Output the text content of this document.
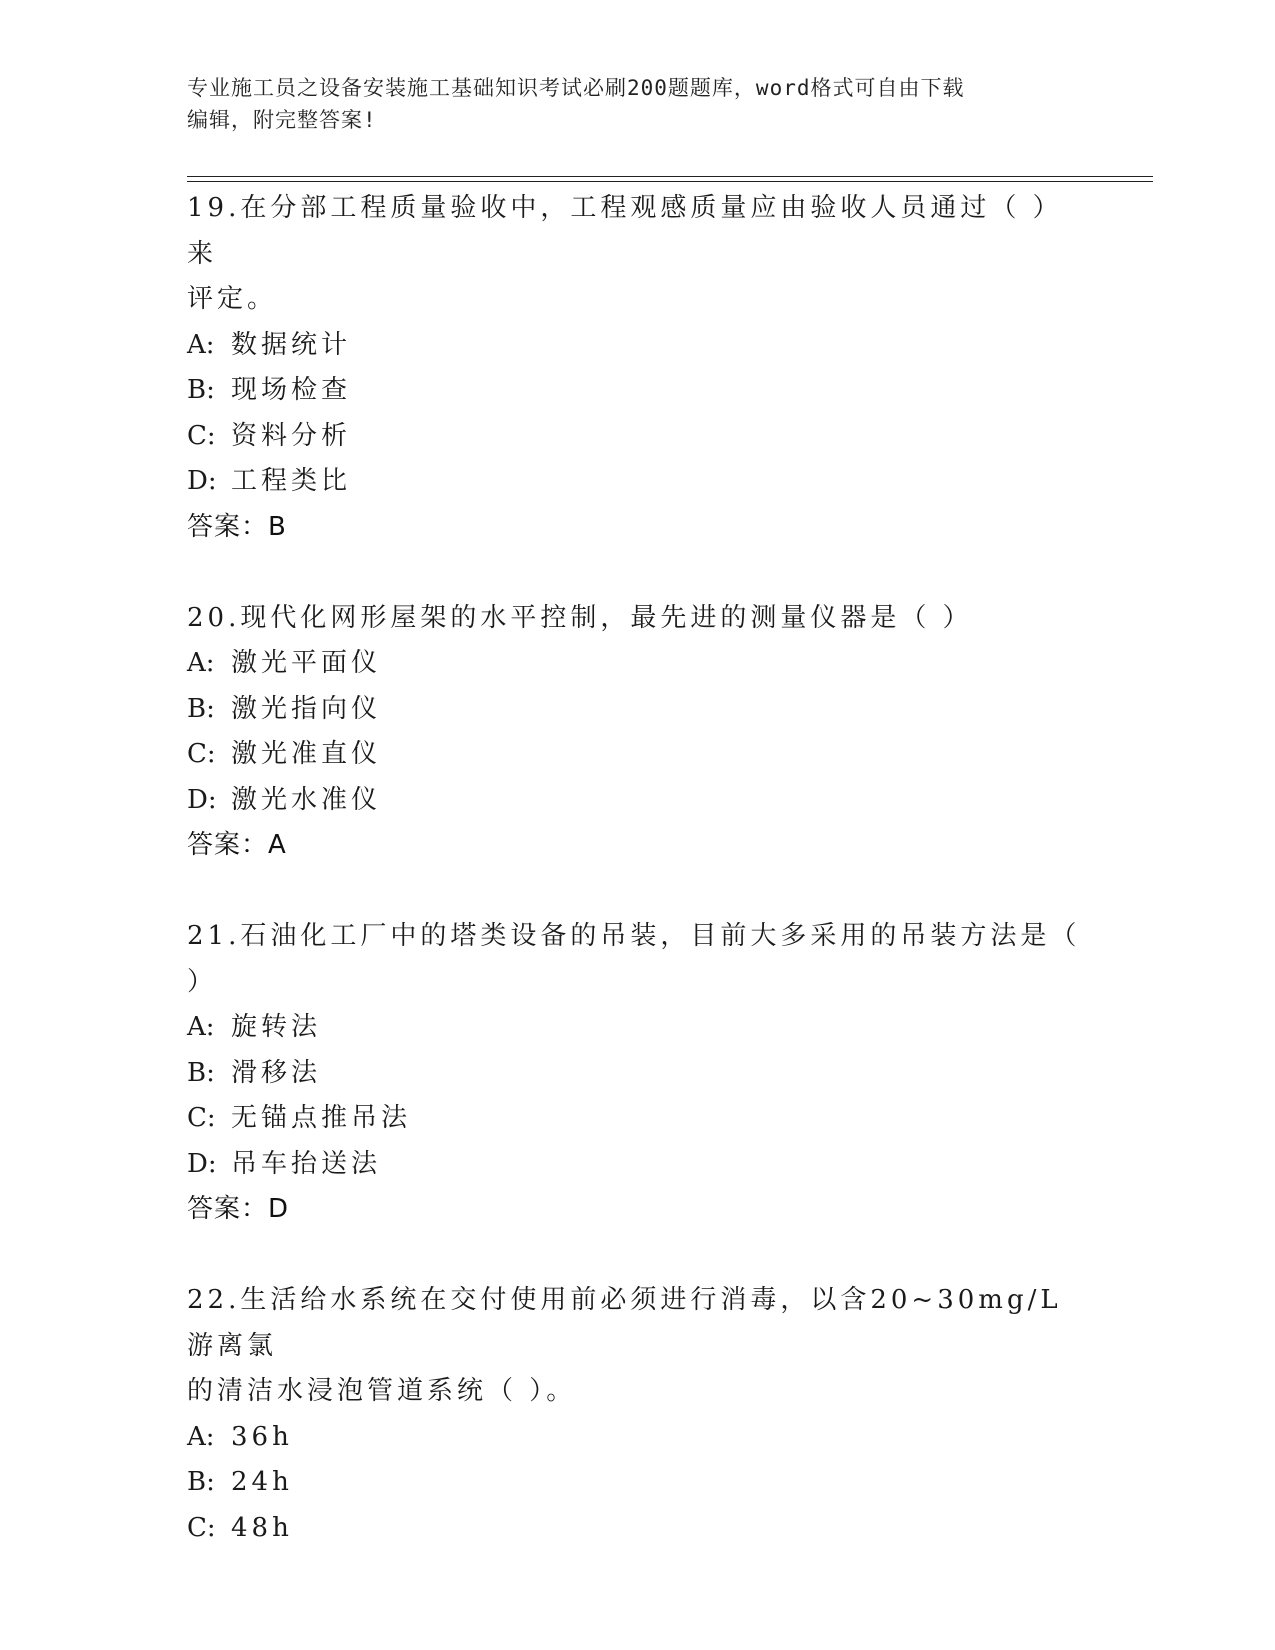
专业施工员之设备安装施工基础知识考试必刷200题题库，word格式可自由下载
编辑，附完整答案!
19.在分部工程质量验收中，工程观感质量应由验收人员通过（ ）来
评定。
A: 数据统计
B: 现场检查
C: 资料分析
D: 工程类比
答案：B
20.现代化网形屋架的水平控制，最先进的测量仪器是（ ）
A: 激光平面仪
B: 激光指向仪
C: 激光准直仪
D: 激光水准仪
答案：A
21.石油化工厂中的塔类设备的吊装，目前大多采用的吊装方法是（
）
A: 旋转法
B: 滑移法
C: 无锚点推吊法
D: 吊车抬送法
答案：D
22.生活给水系统在交付使用前必须进行消毒，以含20~30mg/L游离氯
的清洁水浸泡管道系统（ ）。
A: 36h
B: 24h
C: 48h
